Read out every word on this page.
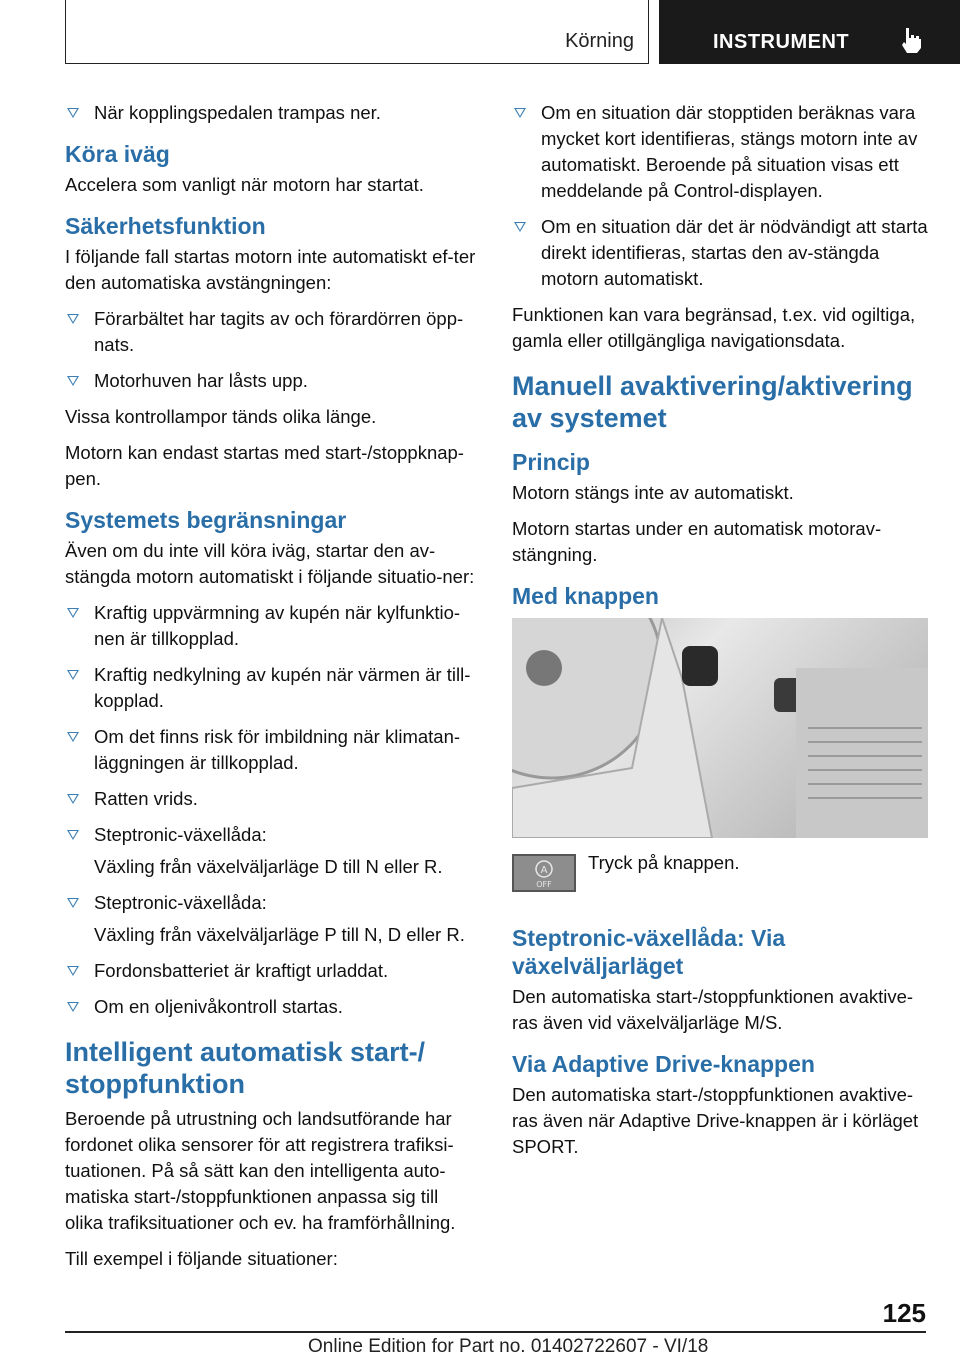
Körning	INSTRUMENT
När kopplingspedalen trampas ner.
Köra iväg

Accelera som vanligt när motorn har startat.

Säkerhetsfunktion

I följande fall startas motorn inte automatiskt ef-ter den automatiska avstängningen:

Förarbältet har tagits av och förardörren öpp-nats.
Motorhuven har låsts upp.

Vissa kontrollampor tänds olika länge.

Motorn kan endast startas med start-/stoppknap-pen.

Systemets begränsningar

Även om du inte vill köra iväg, startar den av-stängda motorn automatiskt i följande situatio-ner:

Kraftig uppvärmning av kupén när kylfunktio-nen är tillkopplad.
Kraftig nedkylning av kupén när värmen är till-kopplad.
Om det finns risk för imbildning när klimatan-läggningen är tillkopplad.
Ratten vrids.
Steptronic-växellåda:
Växling från växelväljarläge D till N eller R.
Steptronic-växellåda:
Växling från växelväljarläge P till N, D eller R.
Fordonsbatteriet är kraftigt urladdat.
Om en oljenivåkontroll startas.
Intelligent automatisk start-/ stoppfunktion

Beroende på utrustning och landsutförande har fordonet olika sensorer för att registrera trafiksi-tuationen. På så sätt kan den intelligenta auto-matiska start-/stoppfunktionen anpassa sig till olika trafiksituationer och ev. ha framförhållning.

Till exempel i följande situationer:

Om en situation där stopptiden beräknas vara mycket kort identifieras, stängs motorn inte av automatiskt. Beroende på situation visas ett meddelande på Control-displayen.
Om en situation där det är nödvändigt att starta direkt identifieras, startas den av-stängda motorn automatiskt.

Funktionen kan vara begränsad, t.ex. vid ogiltiga, gamla eller otillgängliga navigationsdata.

Manuell avaktivering/aktivering av systemet
Princip

Motorn stängs inte av automatiskt.

Motorn startas under en automatisk motorav-stängning.

Med knappen
A
OFF
Tryck på knappen.
Steptronic-växellåda: Via växelväljarläget

Den automatiska start-/stoppfunktionen avaktive-ras även vid växelväljarläge M/S.

Via Adaptive Drive-knappen

Den automatiska start-/stoppfunktionen avaktive-ras även när Adaptive Drive-knappen är i körläget SPORT.

125
Online Edition for Part no. 01402722607 - VI/18
